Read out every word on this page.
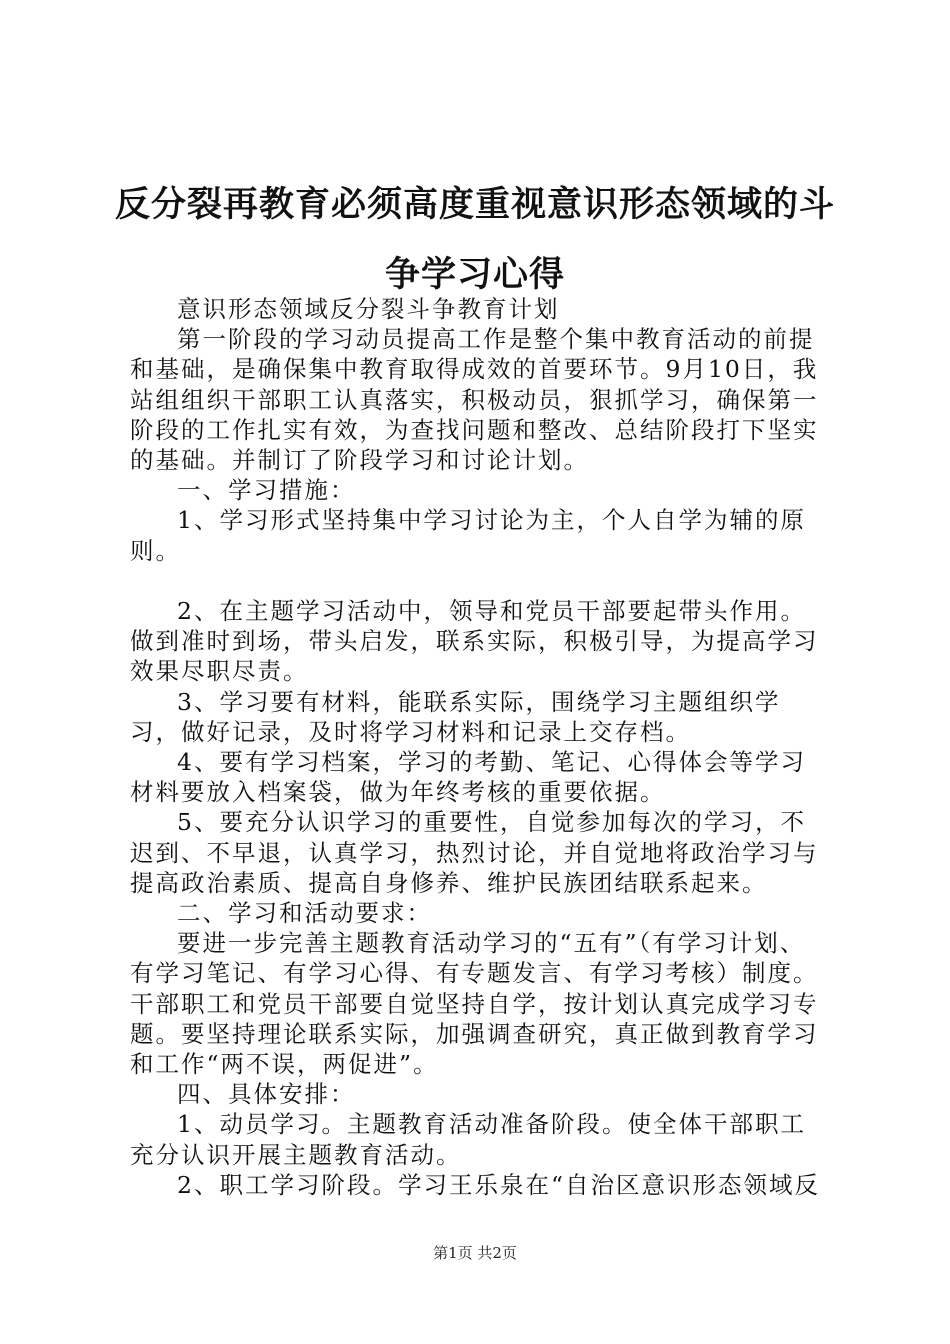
反分裂再教育必须高度重视意识形态领域的斗
争学习心得

意识形态领域反分裂斗争教育计划

第一阶段的学习动员提高工作是整个集中教育活动的前提和基础，是确保集中教育取得成效的首要环节。9月10日，我站组组织干部职工认真落实，积极动员，狠抓学习，确保第一阶段的工作扎实有效，为查找问题和整改、总结阶段打下坚实的基础。并制订了阶段学习和讨论计划。

一、学习措施：

1、学习形式坚持集中学习讨论为主，个人自学为辅的原则。

2、在主题学习活动中，领导和党员干部要起带头作用。做到准时到场，带头启发，联系实际，积极引导，为提高学习效果尽职尽责。

3、学习要有材料，能联系实际，围绕学习主题组织学习，做好记录，及时将学习材料和记录上交存档。

4、要有学习档案，学习的考勤、笔记、心得体会等学习材料要放入档案袋，做为年终考核的重要依据。

5、要充分认识学习的重要性，自觉参加每次的学习，不迟到、不早退，认真学习，热烈讨论，并自觉地将政治学习与提高政治素质、提高自身修养、维护民族团结联系起来。

二、学习和活动要求：

要进一步完善主题教育活动学习的“五有”（有学习计划、有学习笔记、有学习心得、有专题发言、有学习考核）制度。干部职工和党员干部要自觉坚持自学，按计划认真完成学习专题。要坚持理论联系实际，加强调查研究，真正做到教育学习和工作“两不误，两促进”。

四、具体安排：

1、动员学习。主题教育活动准备阶段。使全体干部职工充分认识开展主题教育活动。

2、职工学习阶段。学习王乐泉在“自治区意识形态领域反

第1页 共2页
